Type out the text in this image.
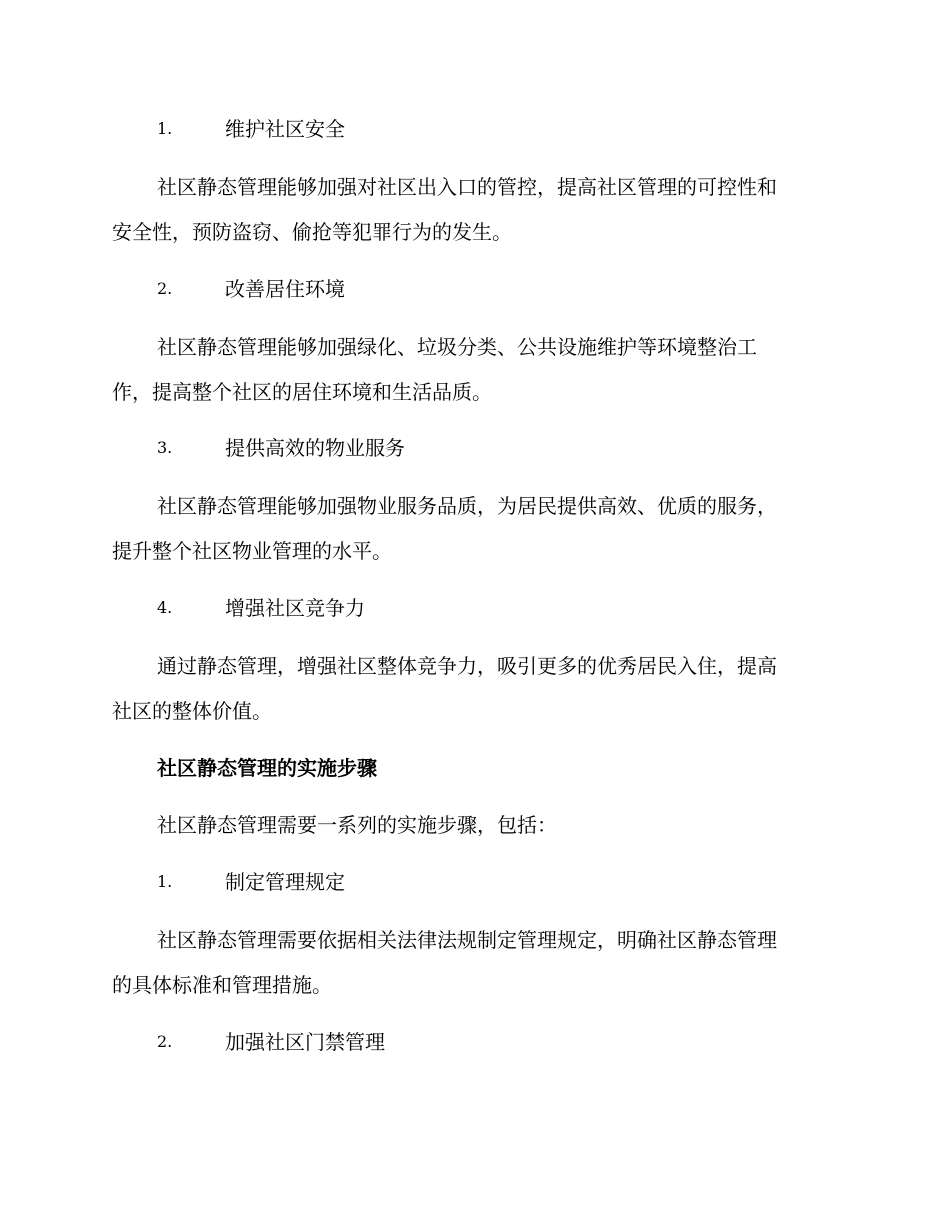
1.	维护社区安全
社区静态管理能够加强对社区出入口的管控，提高社区管理的可控性和
安全性，预防盗窃、偷抢等犯罪行为的发生。
2.	改善居住环境
社区静态管理能够加强绿化、垃圾分类、公共设施维护等环境整治工
作，提高整个社区的居住环境和生活品质。
3.	提供高效的物业服务
社区静态管理能够加强物业服务品质，为居民提供高效、优质的服务，
提升整个社区物业管理的水平。
4.	增强社区竞争力
通过静态管理，增强社区整体竞争力，吸引更多的优秀居民入住，提高
社区的整体价值。
社区静态管理的实施步骤
社区静态管理需要一系列的实施步骤，包括：
1.	制定管理规定
社区静态管理需要依据相关法律法规制定管理规定，明确社区静态管理
的具体标准和管理措施。
2.	加强社区门禁管理
